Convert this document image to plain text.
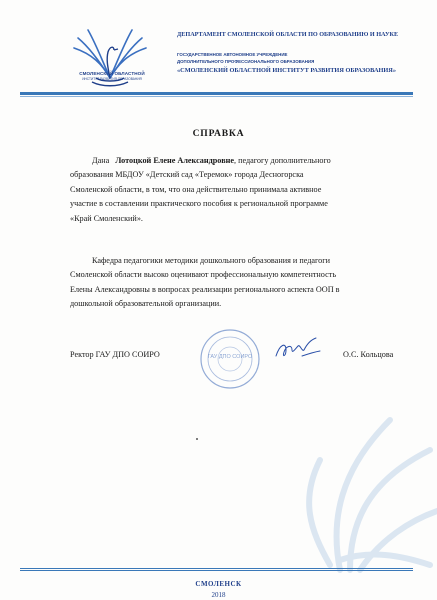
СМОЛЕНСКИЙ ОБЛАСТНОЙ
ИНСТИТУТ РАЗВИТИЯ ОБРАЗОВАНИЯ
ДЕПАРТАМЕНТ СМОЛЕНСКОЙ ОБЛАСТИ ПО ОБРАЗОВАНИЮ И НАУКЕ
ГОСУДАРСТВЕННОЕ АВТОНОМНОЕ УЧРЕЖДЕНИЕ
ДОПОЛНИТЕЛЬНОГО ПРОФЕССИОНАЛЬНОГО ОБРАЗОВАНИЯ
«СМОЛЕНСКИЙ ОБЛАСТНОЙ ИНСТИТУТ РАЗВИТИЯ ОБРАЗОВАНИЯ»
СПРАВКА
Дана Лотоцкой Елене Александровне, педагогу дополнительного
образования МБДОУ «Детский сад «Теремок» города Десногорска
Смоленской области, в том, что она действительно принимала активное
участие в составлении практического пособия к региональной программе
«Край Смоленский».
Кафедра педагогики методики дошкольного образования и педагоги
Смоленской области высоко оценивают профессиональную компетентность
Елены Александровны в вопросах реализации регионального аспекта ООП в
дошкольной образовательной организации.
ГАУ ДПО СОИРО
Ректор ГАУ ДПО СОИРО	О.С. Кольцова
СМОЛЕНСК
2018
